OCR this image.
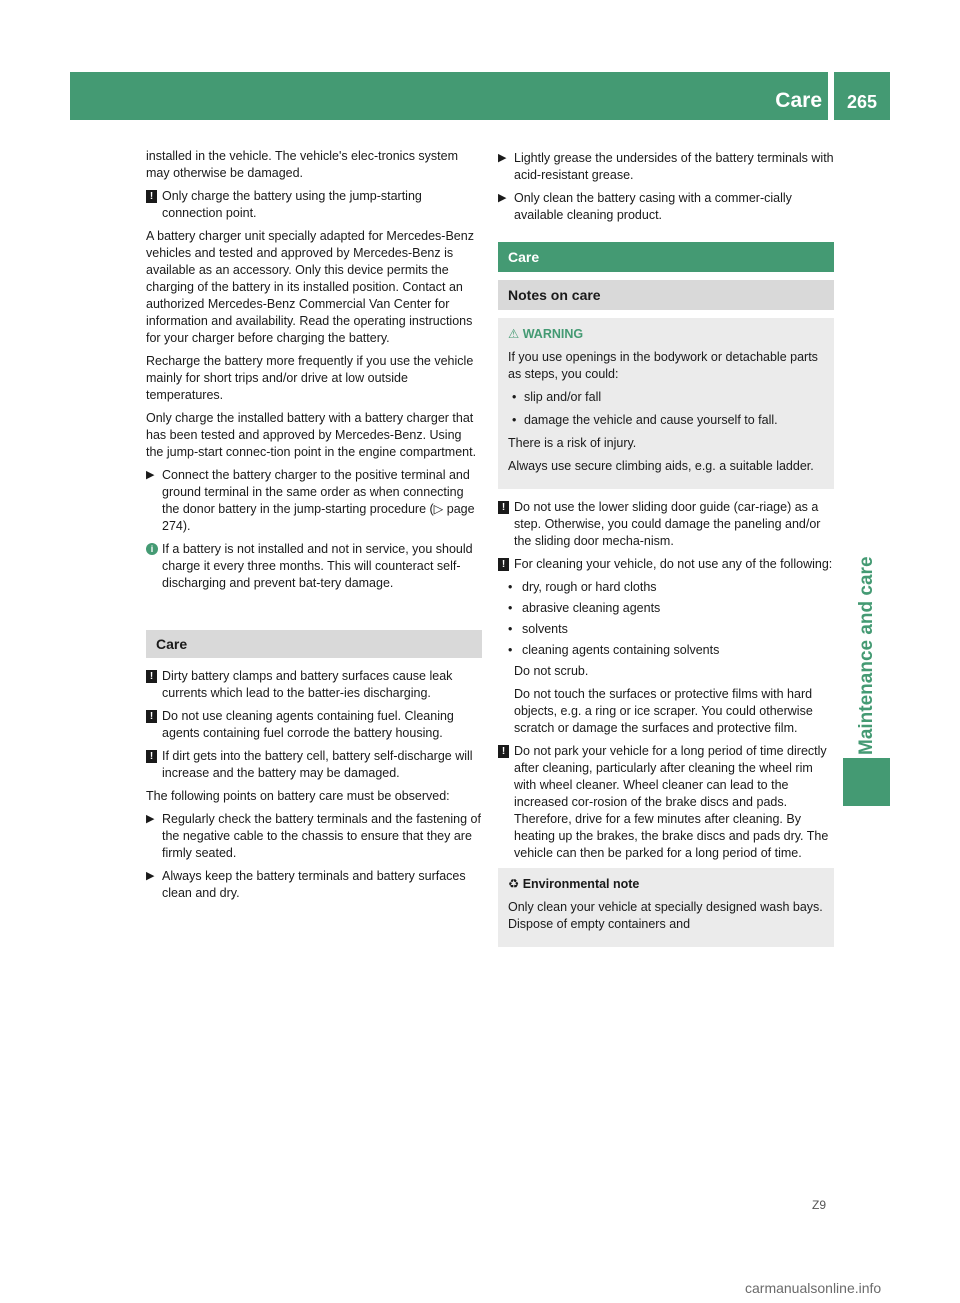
Care	265
Maintenance and care

installed in the vehicle. The vehicle's elec-tronics system may otherwise be damaged.

! Only charge the battery using the jump-starting connection point.

A battery charger unit specially adapted for Mercedes-Benz vehicles and tested and approved by Mercedes-Benz is available as an accessory. Only this device permits the charging of the battery in its installed position. Contact an authorized Mercedes-Benz Commercial Van Center for information and availability. Read the operating instructions for your charger before charging the battery.

Recharge the battery more frequently if you use the vehicle mainly for short trips and/or drive at low outside temperatures.

Only charge the installed battery with a battery charger that has been tested and approved by Mercedes-Benz. Using the jump-start connec-tion point in the engine compartment.

▶ Connect the battery charger to the positive terminal and ground terminal in the same order as when connecting the donor battery in the jump-starting procedure (▷ page 274).
i If a battery is not installed and not in service, you should charge it every three months. This will counteract self-discharging and prevent bat-tery damage.
Care
! Dirty battery clamps and battery surfaces cause leak currents which lead to the batter-ies discharging.
! Do not use cleaning agents containing fuel. Cleaning agents containing fuel corrode the battery housing.
! If dirt gets into the battery cell, battery self-discharge will increase and the battery may be damaged.

The following points on battery care must be observed:

▶ Regularly check the battery terminals and the fastening of the negative cable to the chassis to ensure that they are firmly seated.
▶ Always keep the battery terminals and battery surfaces clean and dry.
▶ Lightly grease the undersides of the battery terminals with acid-resistant grease.
▶ Only clean the battery casing with a commer-cially available cleaning product.
Care
Notes on care
⚠ WARNING

If you use openings in the bodywork or detachable parts as steps, you could:

• slip and/or fall
• damage the vehicle and cause yourself to fall.

There is a risk of injury.

Always use secure climbing aids, e.g. a suitable ladder.

! Do not use the lower sliding door guide (car-riage) as a step. Otherwise, you could damage the paneling and/or the sliding door mecha-nism.
! For cleaning your vehicle, do not use any of the following:
• dry, rough or hard cloths
• abrasive cleaning agents
• solvents
• cleaning agents containing solvents

Do not scrub.

Do not touch the surfaces or protective films with hard objects, e.g. a ring or ice scraper. You could otherwise scratch or damage the surfaces and protective film.

! Do not park your vehicle for a long period of time directly after cleaning, particularly after cleaning the wheel rim with wheel cleaner. Wheel cleaner can lead to the increased cor-rosion of the brake discs and pads. Therefore, drive for a few minutes after cleaning. By heating up the brakes, the brake discs and pads dry. The vehicle can then be parked for a long period of time.
♻ Environmental note

Only clean your vehicle at specially designed wash bays. Dispose of empty containers and

Z9
carmanualsonline.info
